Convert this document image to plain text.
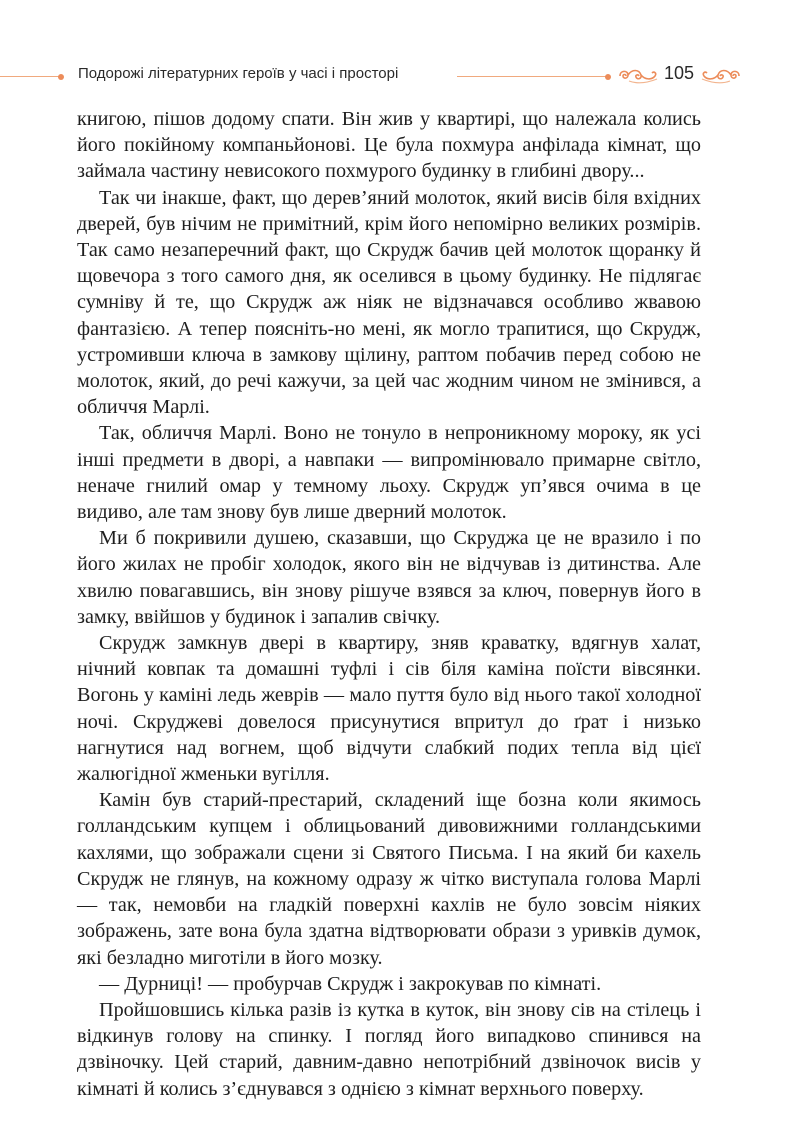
Подорожі літературних героїв у часі і просторі	105

книгою, пішов додому спати. Він жив у квартирі, що належала колись його покійному компаньйонові. Це була похмура анфілада кімнат, що займала частину невисокого похмурого будинку в глибині двору...

Так чи інакше, факт, що дерев’яний молоток, який висів біля вхідних дверей, був нічим не примітний, крім його непомірно великих розмірів. Так само незаперечний факт, що Скрудж бачив цей молоток щоранку й щовечора з того самого дня, як оселився в цьому будинку. Не підлягає сумніву й те, що Скрудж аж ніяк не відзначався особливо жвавою фантазією. А тепер поясніть-но мені, як могло трапитися, що Скрудж, устромивши ключа в замкову щілину, раптом побачив перед собою не молоток, який, до речі кажучи, за цей час жодним чином не змінився, а обличчя Марлі.

Так, обличчя Марлі. Воно не тонуло в непроникному мороку, як усі інші предмети в дворі, а навпаки — випромінювало примарне світло, неначе гнилий омар у темному льоху. Скрудж уп’явся очима в це видиво, але там знову був лише дверний молоток.

Ми б покривили душею, сказавши, що Скруджа це не вразило і по його жилах не пробіг холодок, якого він не відчував із дитинства. Але хвилю повагавшись, він знову рішуче взявся за ключ, повернув його в замку, ввійшов у будинок і запалив свічку.

Скрудж замкнув двері в квартиру, зняв краватку, вдягнув халат, нічний ковпак та домашні туфлі і сів біля каміна поїсти вівсянки. Вогонь у каміні ледь жеврів — мало пуття було від нього такої холодної ночі. Скруджеві довелося присунутися впритул до ґрат і низько нагнутися над вогнем, щоб відчути слабкий подих тепла від цієї жалюгідної жменьки вугілля.

Камін був старий-престарий, складений іще бозна коли якимось голландським купцем і облицьований дивовижними голландськими кахлями, що зображали сцени зі Святого Письма. І на який би кахель Скрудж не глянув, на кожному одразу ж чітко виступала голова Марлі — так, немовби на гладкій поверхні кахлів не було зовсім ніяких зображень, зате вона була здатна відтворювати образи з уривків думок, які безладно миготіли в його мозку.

— Дурниці! — пробурчав Скрудж і закрокував по кімнаті.

Пройшовшись кілька разів із кутка в куток, він знову сів на стілець і відкинув голову на спинку. І погляд його випадково спинився на дзвіночку. Цей старий, давним-давно непотрібний дзвіночок висів у кімнаті й колись з’єднувався з однією з кімнат верхнього поверху.
